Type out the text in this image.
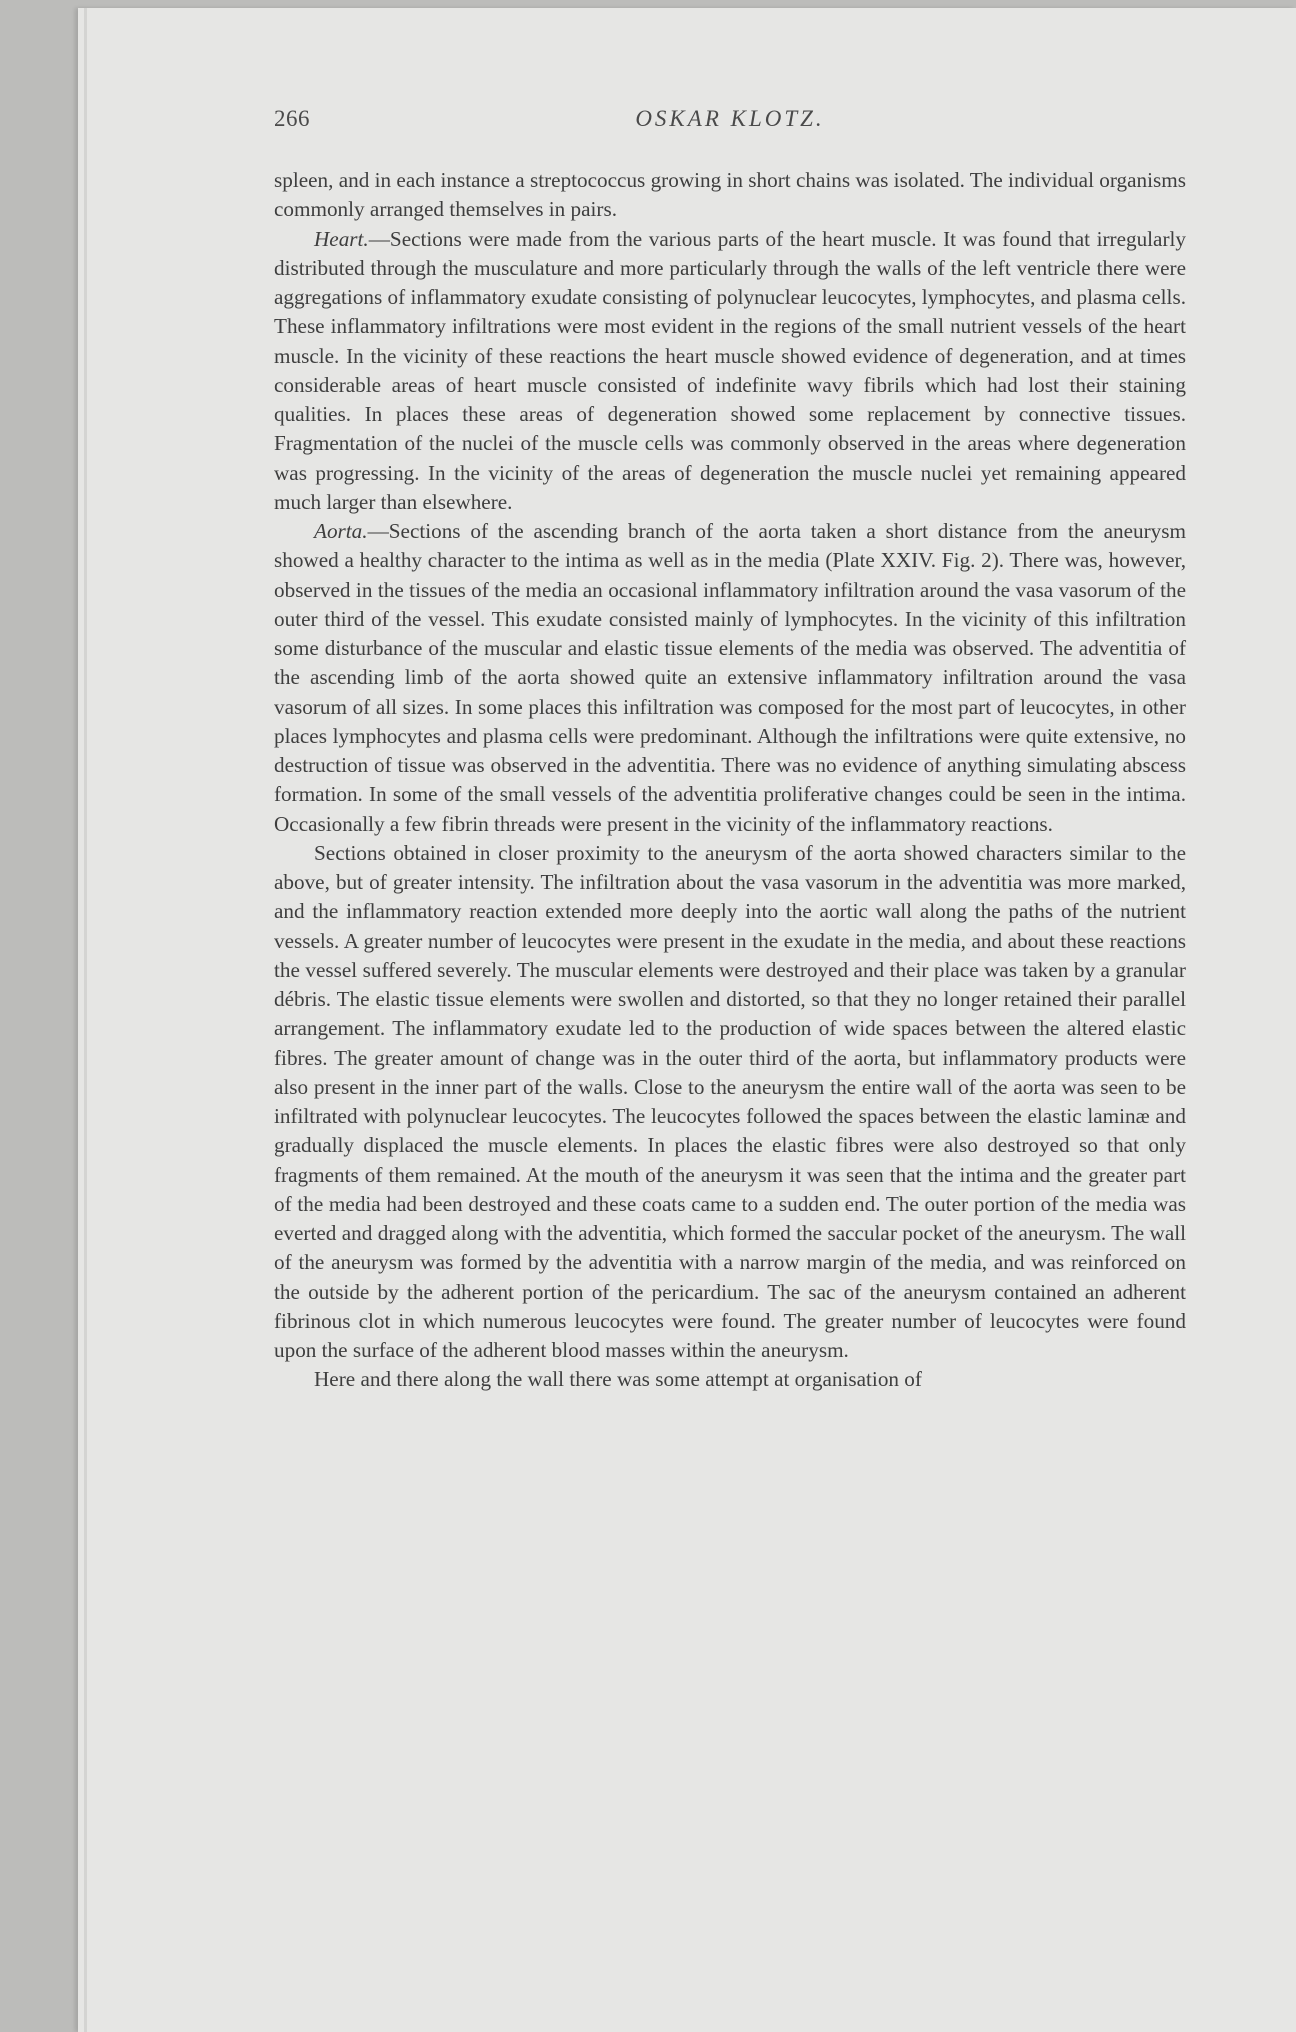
266	OSKAR KLOTZ.

spleen, and in each instance a streptococcus growing in short chains was isolated. The individual organisms commonly arranged themselves in pairs.

Heart.—Sections were made from the various parts of the heart muscle. It was found that irregularly distributed through the musculature and more particularly through the walls of the left ventricle there were aggregations of inflammatory exudate consisting of polynuclear leucocytes, lymphocytes, and plasma cells. These inflammatory infiltrations were most evident in the regions of the small nutrient vessels of the heart muscle. In the vicinity of these reactions the heart muscle showed evidence of degeneration, and at times considerable areas of heart muscle consisted of indefinite wavy fibrils which had lost their staining qualities. In places these areas of degeneration showed some replacement by connective tissues. Fragmentation of the nuclei of the muscle cells was commonly observed in the areas where degeneration was progressing. In the vicinity of the areas of degeneration the muscle nuclei yet remaining appeared much larger than elsewhere.

Aorta.—Sections of the ascending branch of the aorta taken a short distance from the aneurysm showed a healthy character to the intima as well as in the media (Plate XXIV. Fig. 2). There was, however, observed in the tissues of the media an occasional inflammatory infiltration around the vasa vasorum of the outer third of the vessel. This exudate consisted mainly of lymphocytes. In the vicinity of this infiltration some disturbance of the muscular and elastic tissue elements of the media was observed. The adventitia of the ascending limb of the aorta showed quite an extensive inflammatory infiltration around the vasa vasorum of all sizes. In some places this infiltration was composed for the most part of leucocytes, in other places lymphocytes and plasma cells were predominant. Although the infiltrations were quite extensive, no destruction of tissue was observed in the adventitia. There was no evidence of anything simulating abscess formation. In some of the small vessels of the adventitia proliferative changes could be seen in the intima. Occasionally a few fibrin threads were present in the vicinity of the inflammatory reactions.

Sections obtained in closer proximity to the aneurysm of the aorta showed characters similar to the above, but of greater intensity. The infiltration about the vasa vasorum in the adventitia was more marked, and the inflammatory reaction extended more deeply into the aortic wall along the paths of the nutrient vessels. A greater number of leucocytes were present in the exudate in the media, and about these reactions the vessel suffered severely. The muscular elements were destroyed and their place was taken by a granular débris. The elastic tissue elements were swollen and distorted, so that they no longer retained their parallel arrangement. The inflammatory exudate led to the production of wide spaces between the altered elastic fibres. The greater amount of change was in the outer third of the aorta, but inflammatory products were also present in the inner part of the walls. Close to the aneurysm the entire wall of the aorta was seen to be infiltrated with polynuclear leucocytes. The leucocytes followed the spaces between the elastic laminæ and gradually displaced the muscle elements. In places the elastic fibres were also destroyed so that only fragments of them remained. At the mouth of the aneurysm it was seen that the intima and the greater part of the media had been destroyed and these coats came to a sudden end. The outer portion of the media was everted and dragged along with the adventitia, which formed the saccular pocket of the aneurysm. The wall of the aneurysm was formed by the adventitia with a narrow margin of the media, and was reinforced on the outside by the adherent portion of the pericardium. The sac of the aneurysm contained an adherent fibrinous clot in which numerous leucocytes were found. The greater number of leucocytes were found upon the surface of the adherent blood masses within the aneurysm.

Here and there along the wall there was some attempt at organisation of
